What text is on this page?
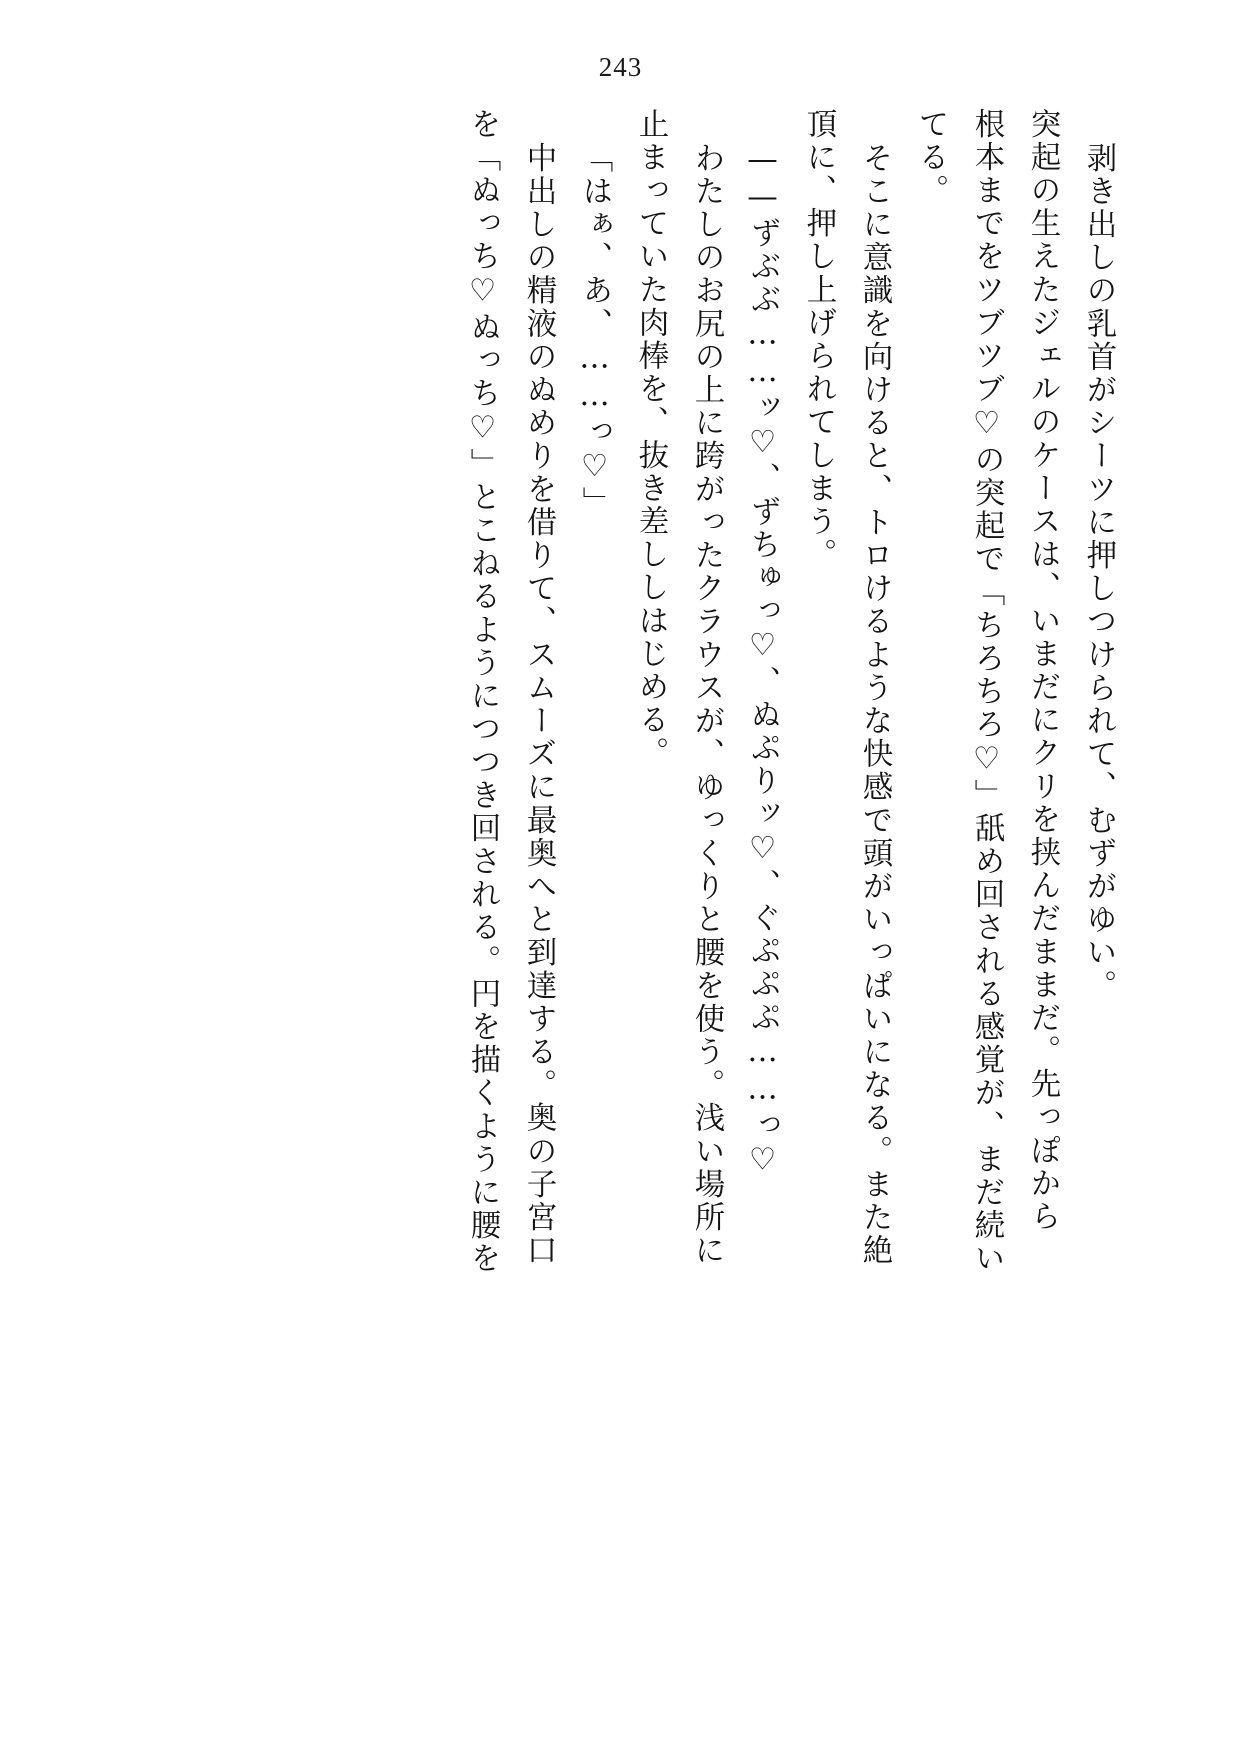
243
剥き出しの乳首がシーツに押しつけられて、むずがゆい。
突起の生えたジェルのケースは、いまだにクリを挟んだままだ。先っぽから
根本までをツブツブ♡の突起で「ちろちろ♡」舐め回される感覚が、まだ続い
てる。
そこに意識を向けると、トロけるような快感で頭がいっぱいになる。また絶
頂に、押し上げられてしまう。
——ずぶぶ……ッ♡、ずちゅっ♡、ぬぷりッ♡、ぐぷぷぷ……っ♡
わたしのお尻の上に跨がったクラウスが、ゆっくりと腰を使う。浅い場所に
止まっていた肉棒を、抜き差ししはじめる。
「はぁ、あ、……っ♡」
中出しの精液のぬめりを借りて、スムーズに最奥へと到達する。奥の子宮口
を「ぬっち♡ぬっち♡」とこねるようにつつき回される。円を描くように腰を
